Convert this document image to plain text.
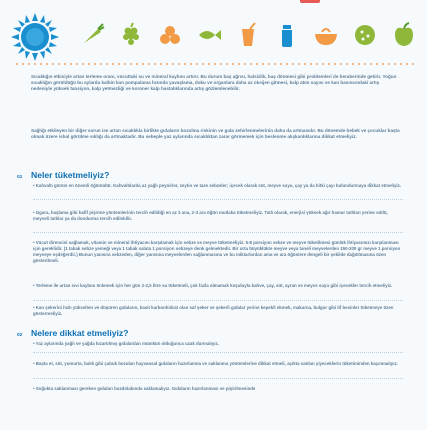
Sıcaklığın etkisiyle artan terleme oranı, vücuttaki su ve mineral kaybını artırır. Bu durum baş ağrısı, halsizlik, baş dönmesi gibi problemleri de beraberinde getirir. Yoğun sıcaklığın görüldüğü bu aylarda kalbin kan pompalama hızında yavaşlama, doku ve organlara daha az oksijen gitmesi, kalp atım sayısı ve kan basıncındaki artış nedeniyle yüksek tansiyon, kalp yetmezliği ve koroner kalp hastalıklarında artış gözlemlenebilir.

Sağlığı etkileyen bir diğer sorun ise artan sıcaklıkla birlikte gıdaların bozulma riskinin ve gıda zehirlenmelerinin daha da artmasıdır. Bu dönemde bebek ve çocuklar başta olmak üzere ishal görülme sıklığı da artmaktadır. Bu sebeple yaz aylarında sıcaklıktan zarar görmemek için beslenme alışkanlıklarına dikkat etmeliyiz.

01	Neler tüketmeliyiz?
• Kahvaltı günün en önemli öğünüdür. Kahvaltılarda az yağlı peynirler, zeytin ve taze sebzeler; içecek olarak süt, meyve suyu, çay ya da bitki çayı bulundurmaya dikkat etmeliyiz.
• Izgara, haşlama gibi hafif pişirme yöntemlerinin tercih edildiği en az 3 ana, 2-3 ara öğün mutlaka tüketmeliyiz. Tatlı olarak, enerjisi yüksek ağır hamur tatlıları yerine sütlü, meyveli tatlılar ya da dondurma tercih edilebilir.
• Vücut direncini sağlamak, vitamin ve mineral ihtiyacını karşılamak için sebze ve meyve tüketmeliyiz. 5-8 porsiyon sebze ve meyve tüketilmesi günlük ihtiyacımızı karşılanması için gereklidir. (1 tabak sebze yemeği veya 1 tabak salata 1 porsiyon sebzeye denk gelmektedir. Bir orta büyüklükte meyve veya taneli meyvelerden 150-200 gr meyve 1 porsiyon meyveye eşdeğerdir.) Bunun yanısıra sebzeden, diğer yanısına meyvelerden sağlanmasına ve bu miktarlardan ama ve ara öğünlere dengeli bir şekilde dağıtılmasına özen gösterilmeli.
• Terleme ile artan sıvı kaybını önlemek için her gün 2-2,5 litre su tüketmeli, çok fazla olmamak koşuluyla kahve, çay, süt, ayran ve meyve suyu gibi içecekler tercih etmeliyiz.
• Kan şekerini hızlı yükselten ve düşüren gıdaların, basit karbonhidrat olan saf şeker ve şekerli gıdalar yerine kepekli ekmek, makarna, bulgur gibi lif besinler tüketmeye özen göstermeliyiz.
02	Nelere dikkat etmeliyiz?
• Yaz aylarında yağlı ve yağda kızartılmış gıdalardan mümkün olduğunca uzak durmalıyız.
• Başta et, süt, yumurta, balık gibi çabuk bozulan hayvansal gıdaların hazırlanma ve saklanma yöntemlerine dikkat etmeli, açıkta satılan yiyeceklerin tüketiminden kaçınmalıyız.
• Soğukta saklanması gereken gıdaları buzdolabında saklamalıyız. Gıdaların hazırlanması ve pişirilmesinde
